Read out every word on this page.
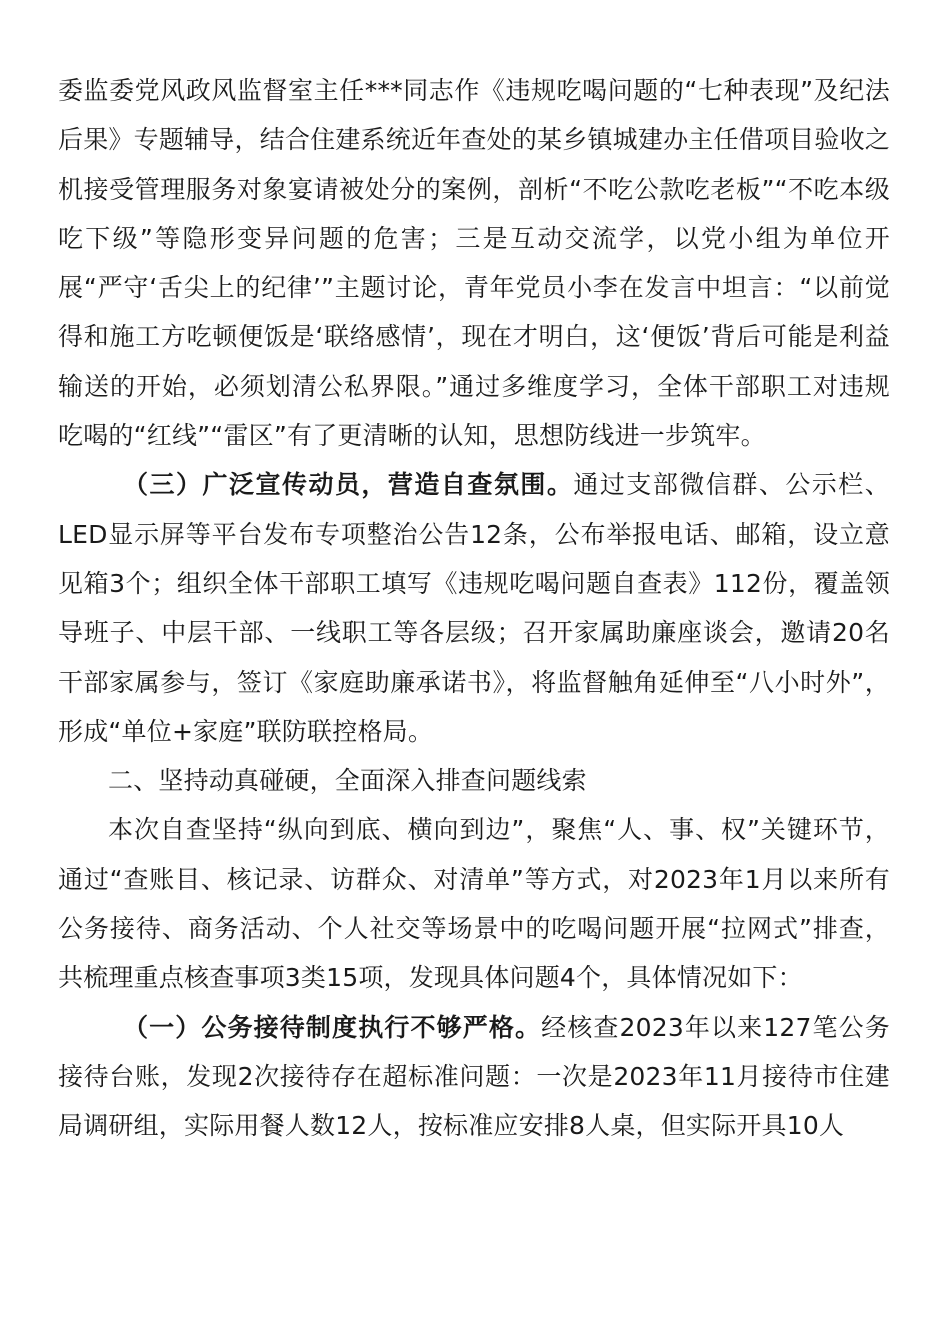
委监委党风政风监督室主任***同志作《违规吃喝问题的“七种表现”及纪法后果》专题辅导，结合住建系统近年查处的某乡镇城建办主任借项目验收之机接受管理服务对象宴请被处分的案例，剖析“不吃公款吃老板”“不吃本级吃下级”等隐形变异问题的危害；三是互动交流学，以党小组为单位开展“严守‘舌尖上的纪律’”主题讨论，青年党员小李在发言中坦言：“以前觉得和施工方吃顿便饭是‘联络感情’，现在才明白，这‘便饭’背后可能是利益输送的开始，必须划清公私界限。”通过多维度学习，全体干部职工对违规吃喝的“红线”“雷区”有了更清晰的认知，思想防线进一步筑牢。

（三）广泛宣传动员，营造自查氛围。通过支部微信群、公示栏、LED显示屏等平台发布专项整治公告12条，公布举报电话、邮箱，设立意见箱3个；组织全体干部职工填写《违规吃喝问题自查表》112份，覆盖领导班子、中层干部、一线职工等各层级；召开家属助廉座谈会，邀请20名干部家属参与，签订《家庭助廉承诺书》，将监督触角延伸至“八小时外”，形成“单位+家庭”联防联控格局。

二、坚持动真碰硬，全面深入排查问题线索

本次自查坚持“纵向到底、横向到边”，聚焦“人、事、权”关键环节，通过“查账目、核记录、访群众、对清单”等方式，对2023年1月以来所有公务接待、商务活动、个人社交等场景中的吃喝问题开展“拉网式”排查，共梳理重点核查事项3类15项，发现具体问题4个，具体情况如下：

（一）公务接待制度执行不够严格。经核查2023年以来127笔公务接待台账，发现2次接待存在超标准问题：一次是2023年11月接待市住建局调研组，实际用餐人数12人，按标准应安排8人桌，但实际开具10人
